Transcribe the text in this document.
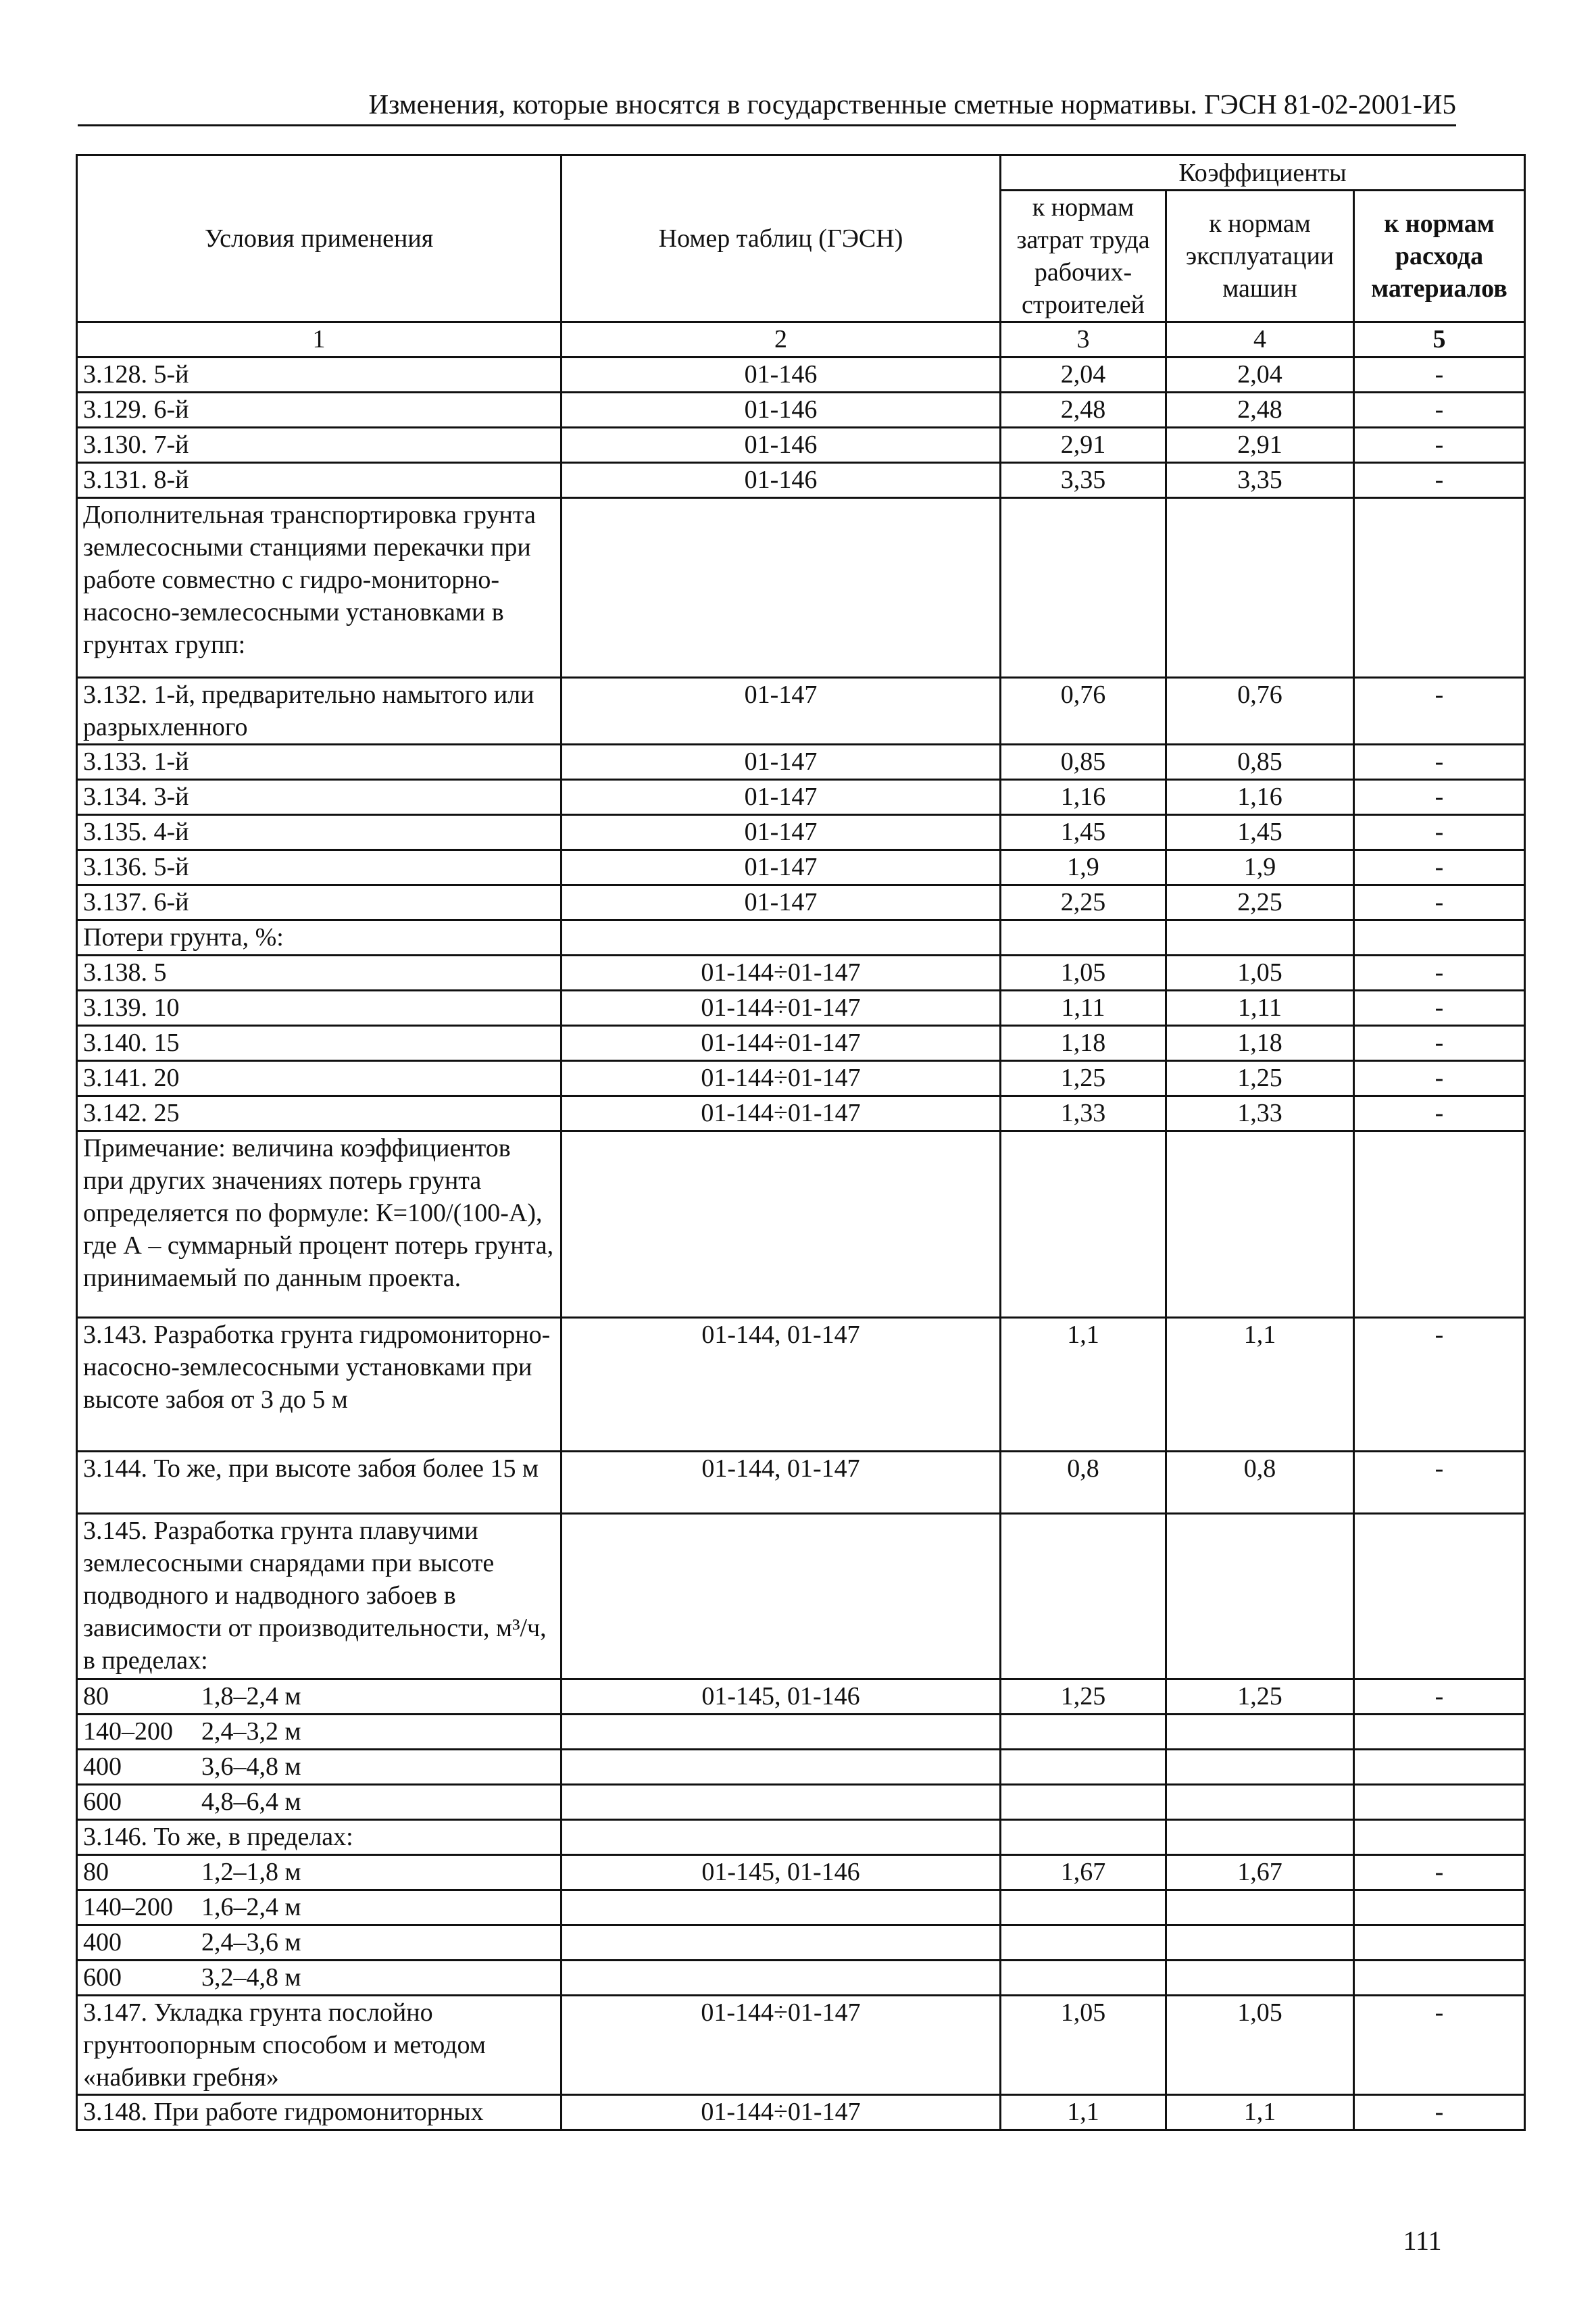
Изменения, которые вносятся в государственные сметные нормативы. ГЭСН 81-02-2001-И5
Условия применения	Номер таблиц (ГЭСН)	Коэффициенты		
		к нормам затрат труда рабочих-строителей	к нормам эксплуатации машин	к нормам расхода материалов
1	2	3	4	5
3.128. 5-й	01-146	2,04	2,04	-
3.129. 6-й	01-146	2,48	2,48	-
3.130. 7-й	01-146	2,91	2,91	-
3.131. 8-й	01-146	3,35	3,35	-
Дополнительная транспортировка грунта землесосными станциями перекачки при работе совместно с гидро-мониторно-насосно-землесосными установками в грунтах групп:				
3.132. 1-й, предварительно намытого или разрыхленного	01-147	0,76	0,76	-
3.133. 1-й	01-147	0,85	0,85	-
3.134. 3-й	01-147	1,16	1,16	-
3.135. 4-й	01-147	1,45	1,45	-
3.136. 5-й	01-147	1,9	1,9	-
3.137. 6-й	01-147	2,25	2,25	-
Потери грунта, %:				
3.138. 5	01-144÷01-147	1,05	1,05	-
3.139. 10	01-144÷01-147	1,11	1,11	-
3.140. 15	01-144÷01-147	1,18	1,18	-
3.141. 20	01-144÷01-147	1,25	1,25	-
3.142. 25	01-144÷01-147	1,33	1,33	-
Примечание: величина коэффициентов при других значениях потерь грунта определяется по формуле: К=100/(100-А), где А – суммарный процент потерь грунта, принимаемый по данным проекта.				
3.143. Разработка грунта гидромониторно-насосно-землесосными установками при высоте забоя от 3 до 5 м	01-144, 01-147	1,1	1,1	-
3.144. То же, при высоте забоя более 15 м	01-144, 01-147	0,8	0,8	-
3.145. Разработка грунта плавучими землесосными снарядами при высоте подводного и надводного забоев в зависимости от производительности, м³/ч, в пределах:				
80 1,8–2,4 м	01-145, 01-146	1,25	1,25	-
140–200 2,4–3,2 м				
400 3,6–4,8 м				
600 4,8–6,4 м				
3.146. То же, в пределах:				
80 1,2–1,8 м	01-145, 01-146	1,67	1,67	-
140–200 1,6–2,4 м				
400 2,4–3,6 м				
600 3,2–4,8 м				
3.147. Укладка грунта послойно грунтоопорным способом и методом «набивки гребня»	01-144÷01-147	1,05	1,05	-
3.148. При работе гидромониторных	01-144÷01-147	1,1	1,1	-
111
